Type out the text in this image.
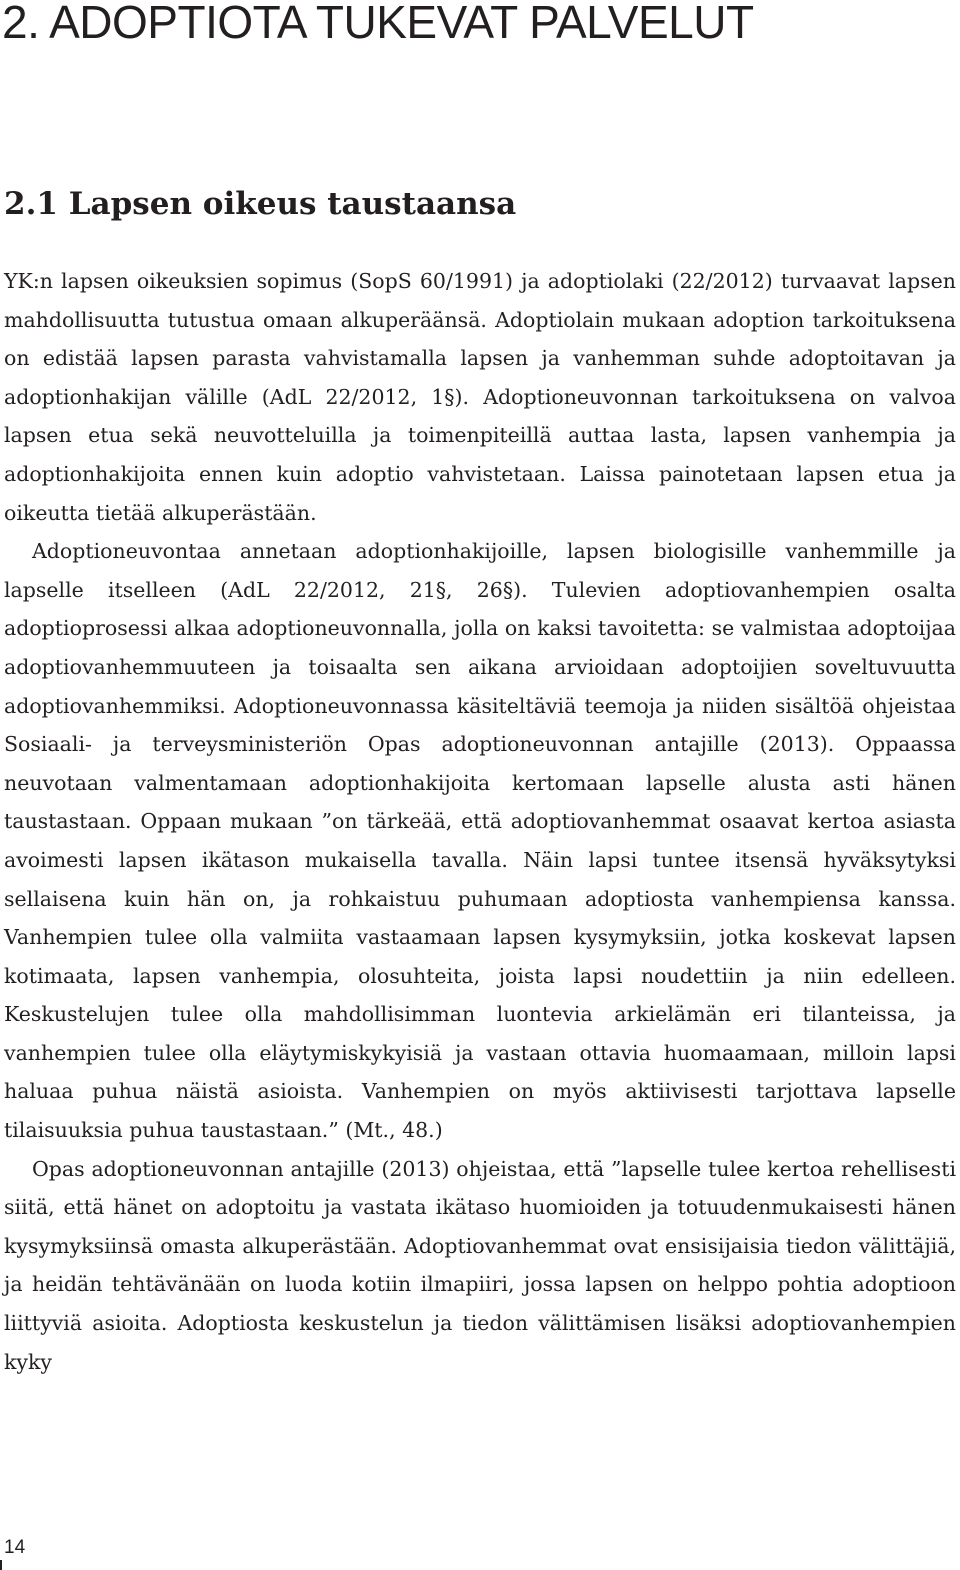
2. ADOPTIOTA TUKEVAT PALVELUT
2.1 Lapsen oikeus taustaansa

YK:n lapsen oikeuksien sopimus (SopS 60/1991) ja adoptiolaki (22/2012) turvaavat lapsen mahdollisuutta tutustua omaan alkuperäänsä. Adoptiolain mukaan adoption tarkoituksena on edistää lapsen parasta vahvistamalla lapsen ja vanhemman suhde adoptoitavan ja adoptionhakijan välille (AdL 22/2012, 1§). Adoptioneuvonnan tarkoituksena on valvoa lapsen etua sekä neuvotteluilla ja toimenpiteillä auttaa lasta, lapsen vanhempia ja adoptionhakijoita ennen kuin adoptio vahvistetaan. Laissa painotetaan lapsen etua ja oikeutta tietää alkuperästään.

Adoptioneuvontaa annetaan adoptionhakijoille, lapsen biologisille vanhemmille ja lapselle itselleen (AdL 22/2012, 21§, 26§). Tulevien adoptiovanhempien osalta adoptioprosessi alkaa adoptioneuvonnalla, jolla on kaksi tavoitetta: se valmistaa adoptoijaa adoptiovanhemmuuteen ja toisaalta sen aikana arvioidaan adoptoijien soveltuvuutta adoptiovanhemmiksi. Adoptioneuvonnassa käsiteltäviä teemoja ja niiden sisältöä ohjeistaa Sosiaali- ja terveysministeriön Opas adoptioneuvonnan antajille (2013). Oppaassa neuvotaan valmentamaan adoptionhakijoita kertomaan lapselle alusta asti hänen taustastaan. Oppaan mukaan ”on tärkeää, että adoptiovanhemmat osaavat kertoa asiasta avoimesti lapsen ikätason mukaisella tavalla. Näin lapsi tuntee itsensä hyväksytyksi sellaisena kuin hän on, ja rohkaistuu puhumaan adoptiosta vanhempiensa kanssa. Vanhempien tulee olla valmiita vastaamaan lapsen kysymyksiin, jotka koskevat lapsen kotimaata, lapsen vanhempia, olosuhteita, joista lapsi noudettiin ja niin edelleen. Keskustelujen tulee olla mahdollisimman luontevia arkielämän eri tilanteissa, ja vanhempien tulee olla eläytymiskykyisiä ja vastaan ottavia huomaamaan, milloin lapsi haluaa puhua näistä asioista. Vanhempien on myös aktiivisesti tarjottava lapselle tilaisuuksia puhua taustastaan.” (Mt., 48.)

Opas adoptioneuvonnan antajille (2013) ohjeistaa, että ”lapselle tulee kertoa rehellisesti siitä, että hänet on adoptoitu ja vastata ikätaso huomioiden ja totuudenmukaisesti hänen kysymyksiinsä omasta alkuperästään. Adoptiovanhemmat ovat ensisijaisia tiedon välittäjiä, ja heidän tehtävänään on luoda kotiin ilmapiiri, jossa lapsen on helppo pohtia adoptioon liittyviä asioita. Adoptiosta keskustelun ja tiedon välittämisen lisäksi adoptiovanhempien kyky

14
